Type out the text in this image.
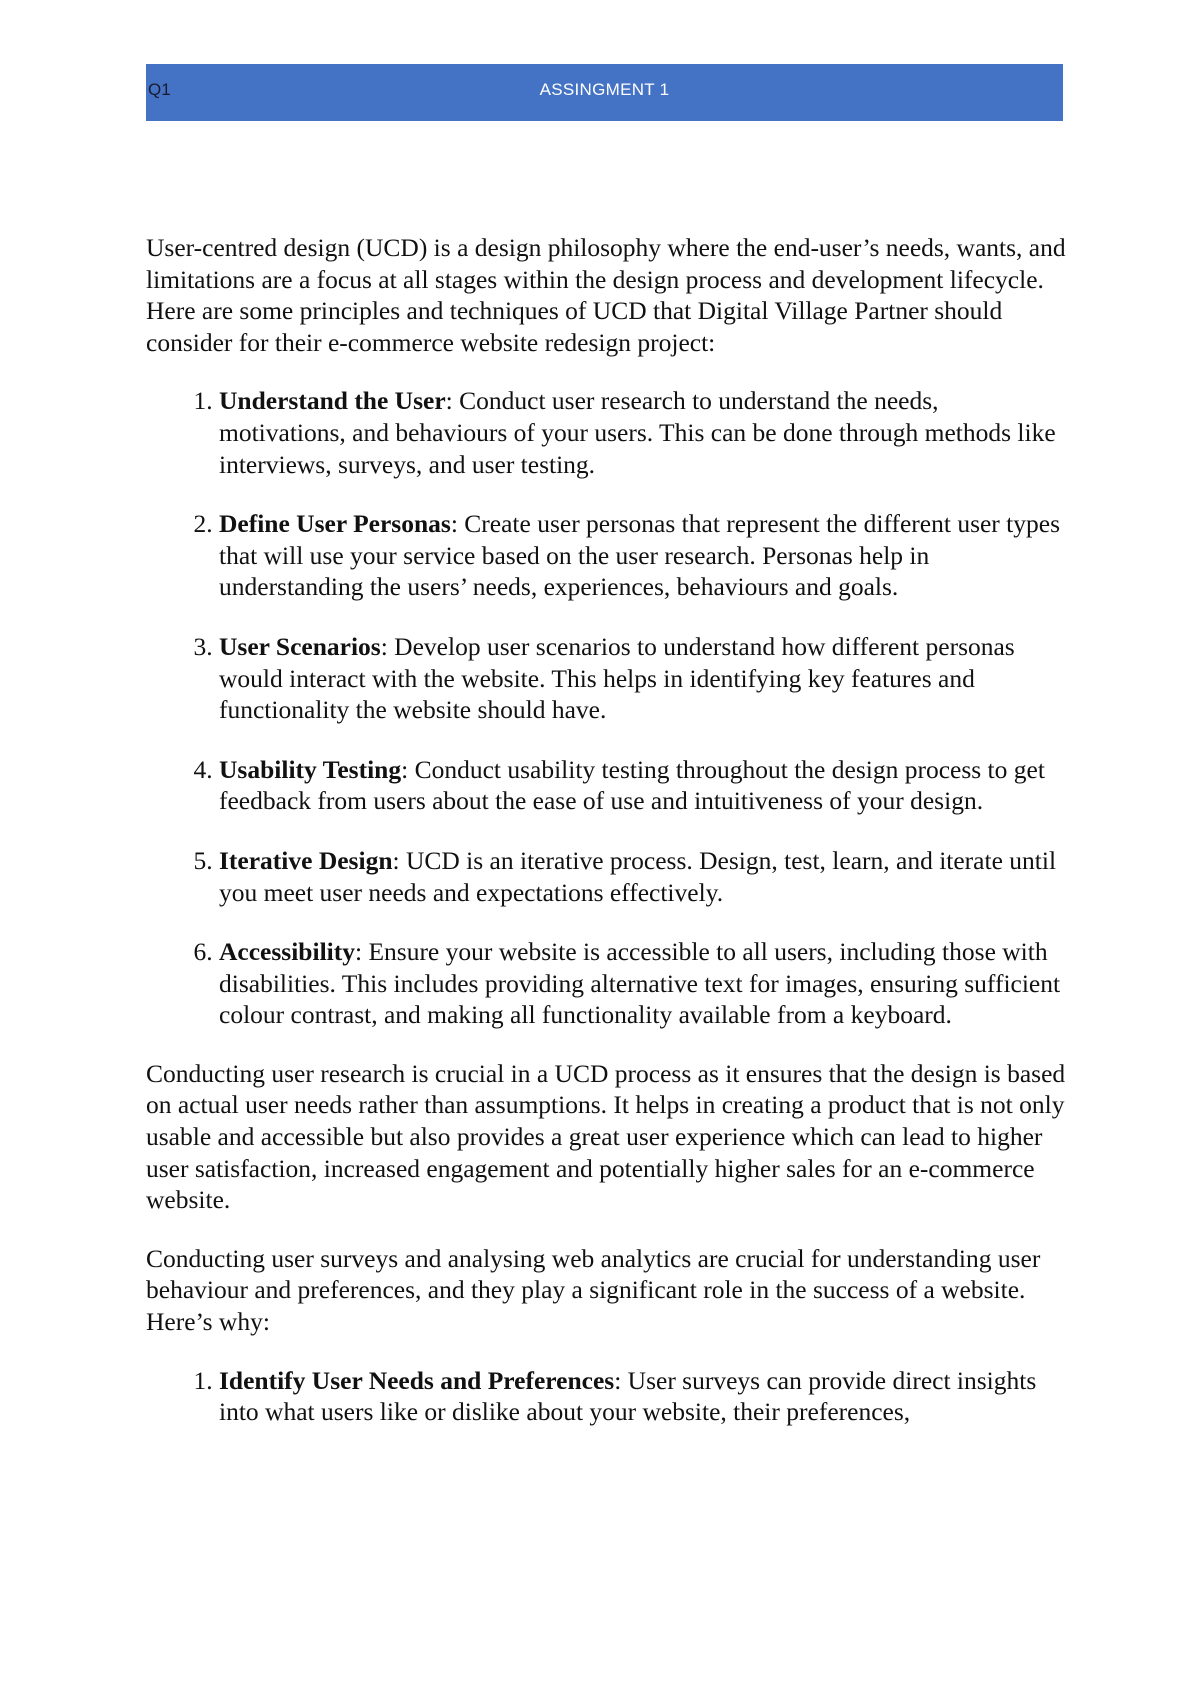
Q1	ASSINGMENT 1

User-centred design (UCD) is a design philosophy where the end-user’s needs, wants, and limitations are a focus at all stages within the design process and development lifecycle. Here are some principles and techniques of UCD that Digital Village Partner should consider for their e-commerce website redesign project:

1. Understand the User: Conduct user research to understand the needs, motivations, and behaviours of your users. This can be done through methods like interviews, surveys, and user testing.
2. Define User Personas: Create user personas that represent the different user types that will use your service based on the user research. Personas help in understanding the users’ needs, experiences, behaviours and goals.
3. User Scenarios: Develop user scenarios to understand how different personas would interact with the website. This helps in identifying key features and functionality the website should have.
4. Usability Testing: Conduct usability testing throughout the design process to get feedback from users about the ease of use and intuitiveness of your design.
5. Iterative Design: UCD is an iterative process. Design, test, learn, and iterate until you meet user needs and expectations effectively.
6. Accessibility: Ensure your website is accessible to all users, including those with disabilities. This includes providing alternative text for images, ensuring sufficient colour contrast, and making all functionality available from a keyboard.

Conducting user research is crucial in a UCD process as it ensures that the design is based on actual user needs rather than assumptions. It helps in creating a product that is not only usable and accessible but also provides a great user experience which can lead to higher user satisfaction, increased engagement and potentially higher sales for an e-commerce website.

Conducting user surveys and analysing web analytics are crucial for understanding user behaviour and preferences, and they play a significant role in the success of a website. Here’s why:

1. Identify User Needs and Preferences: User surveys can provide direct insights into what users like or dislike about your website, their preferences,
